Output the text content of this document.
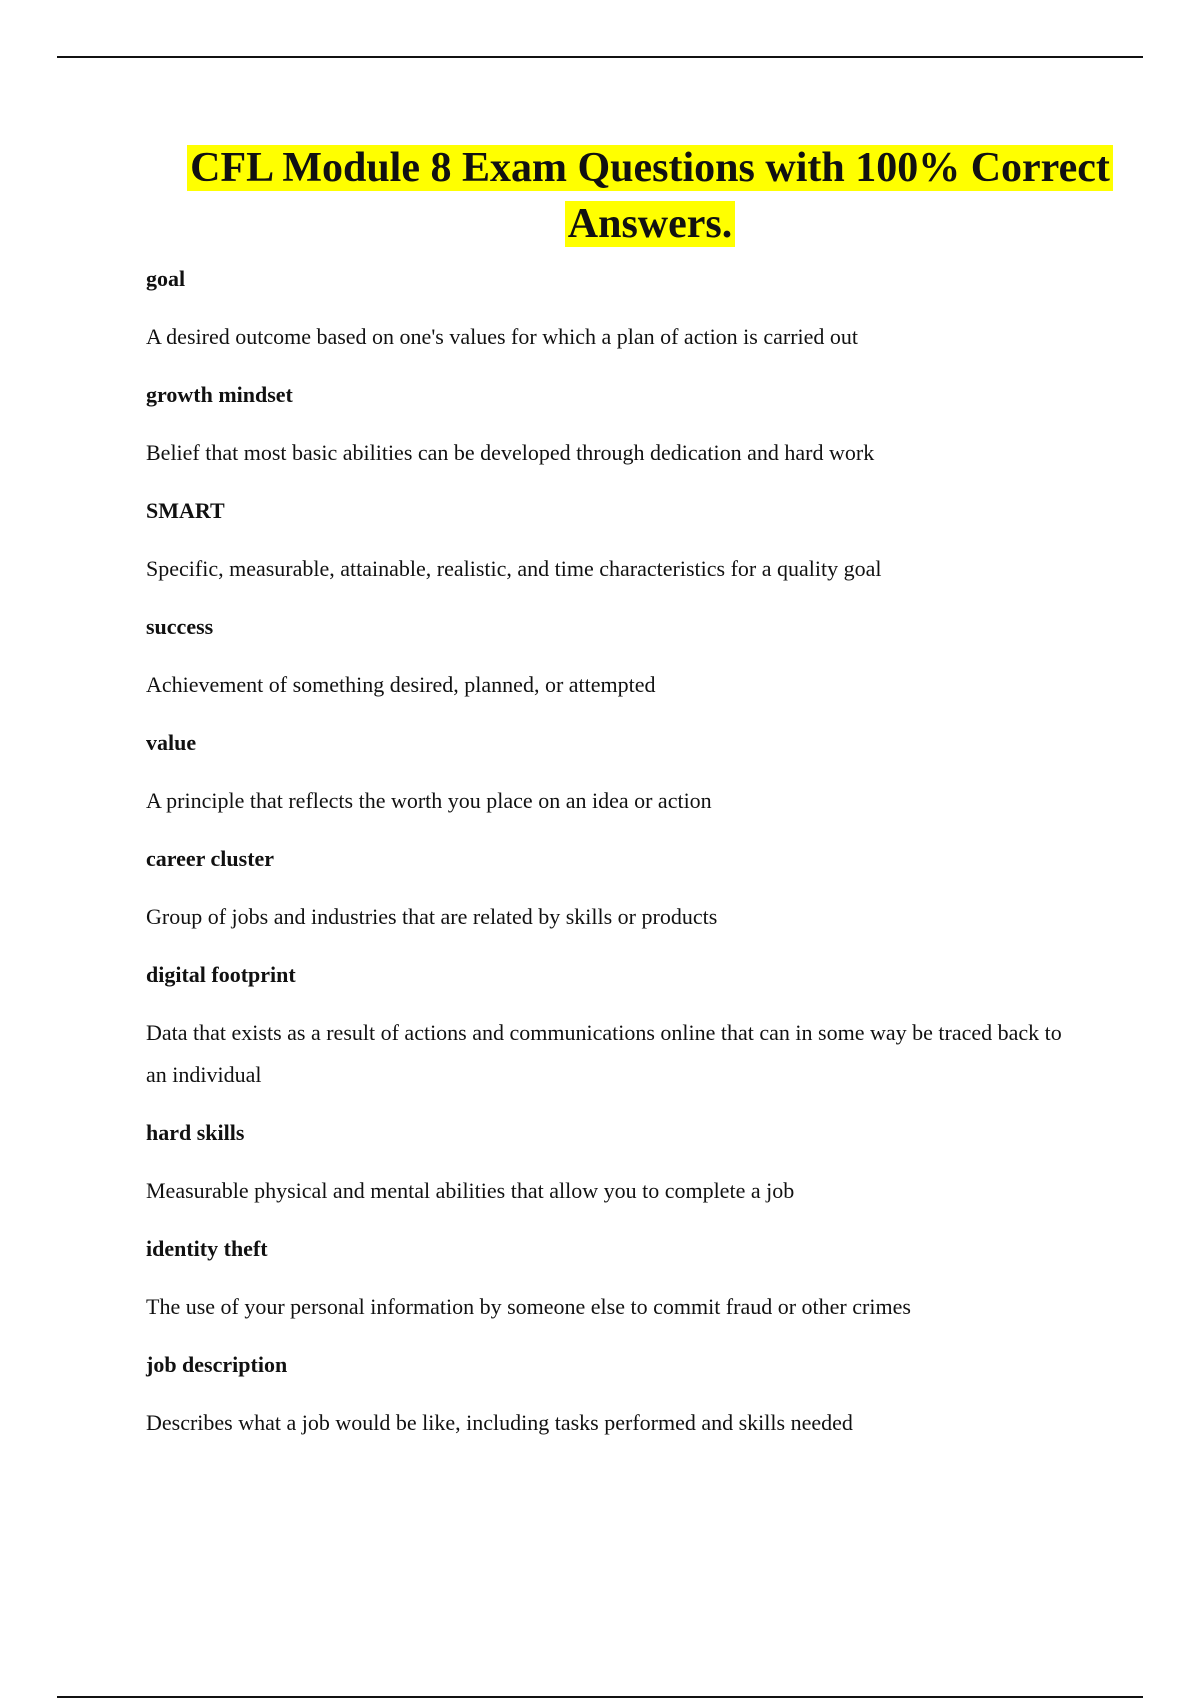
CFL Module 8 Exam Questions with 100% Correct Answers.
goal
A desired outcome based on one's values for which a plan of action is carried out
growth mindset
Belief that most basic abilities can be developed through dedication and hard work
SMART
Specific, measurable, attainable, realistic, and time characteristics for a quality goal
success
Achievement of something desired, planned, or attempted
value
A principle that reflects the worth you place on an idea or action
career cluster
Group of jobs and industries that are related by skills or products
digital footprint
Data that exists as a result of actions and communications online that can in some way be traced back to an individual
hard skills
Measurable physical and mental abilities that allow you to complete a job
identity theft
The use of your personal information by someone else to commit fraud or other crimes
job description
Describes what a job would be like, including tasks performed and skills needed
